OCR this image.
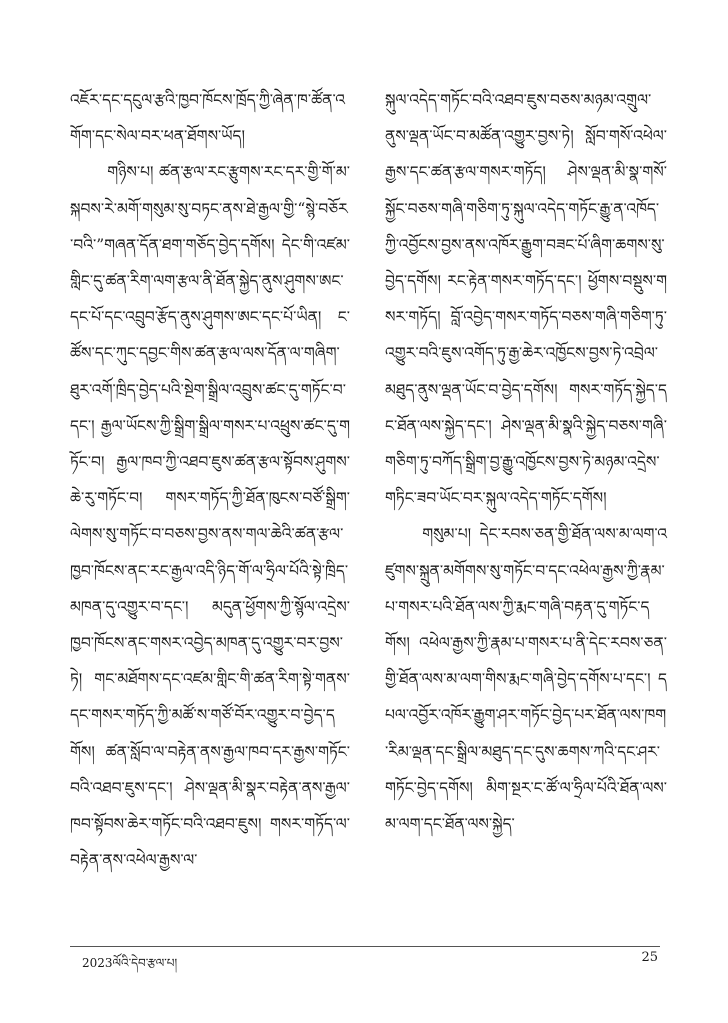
འཇོར་དང་དངུལ་རྩའི་ཁྱབ་ཁོངས་ཁྲོད་ཀྱི་ཞེན་ཁ་ཚོན་འགོག་དང་སེལ་བར་ཕན་ཐོགས་ཡོད།

གཉིས་པ། ཚན་རྩལ་རང་རྩུགས་རང་དར་གྱི་གོ་མ་སྐབས་རེ་མགོ་གསུམ་སུ་བཏང་ནས་ཐེ་རྒྱལ་གྱི་“སྙེ་བཅོར་བའི་”གཞན་དོན་ཐག་གཅོད་བྱེད་དགོས། དེང་གི་འཛམ་གླིང་དུ་ཚན་རིག་ལག་རྩལ་ནི་ཐོན་སྐྱེད་ནུས་ཤུགས་ཨང་དང་པོ་དང་འབྲུབ་རྩོད་ནུས་ཤུགས་ཨང་དང་པོ་ཡིན། ང་ཚོས་དང་ཀུང་དབྱང་གིས་ཚན་རྩལ་ལས་དོན་ལ་གཞིག་ཐུར་འགོ་ཁྲིད་བྱེད་པའི་སྔེག་སྒྲིལ་འབྲུས་ཚང་དུ་གཏོང་བ་དང་། རྒྱལ་ཡོངས་ཀྱི་སྒྲིག་སྒྲིལ་གསར་པ་འཕྲུས་ཚང་དུ་གཏོང་བ། རྒྱལ་ཁབ་ཀྱི་འཐབ་ཇུས་ཚན་རྩལ་སྟོབས་ཤུགས་ཆེ་རུ་གཏོང་བ། གསར་གཏོད་ཀྱི་ཐོན་ཁུངས་བཙོ་སྒྲིག་ལེགས་སུ་གཏོང་བ་བཅས་བྱས་ནས་གལ་ཆེའི་ཚན་རྩལ་ཁྱབ་ཁོངས་ནང་རང་རྒྱལ་འདི་ཉིད་གོ་ལ་ཧྲིལ་པོའི་སྟེ་ཁྲིད་མཁན་དུ་འགྱུར་བ་དང་། མདུན་ཕྱོགས་ཀྱི་སྙོལ་འདྲེས་ཁྱབ་ཁོངས་ནང་གསར་འབྱེད་མཁན་དུ་འགྱུར་བར་བྱས་ཏེ། གང་མཐོགས་དང་འཛམ་གླིང་གི་ཚན་རིག་སྟེ་གནས་དང་གསར་གཏོད་ཀྱི་མཚོ་ས་གཙོ་བོར་འགྱུར་བ་བྱེད་དགོས། ཚན་སློབ་ལ་བརྟེན་ནས་རྒྱལ་ཁབ་དར་རྒྱས་གཏོང་བའི་འཐབ་ཇུས་དང་། ཤེས་ལྡན་མི་སྣར་བརྟེན་ནས་རྒྱལ་ཁབ་སྟོབས་ཆེར་གཏོང་བའི་འཐབ་ཇུས། གསར་གཏོད་ལ་བརྟེན་ནས་འཕེལ་རྒྱས་ལ་

སྐུལ་འདེད་གཏོང་བའི་འཐབ་ཇུས་བཅས་མཉམ་འགྲུལ་ནུས་ལྡན་ཡོང་བ་མཚོན་འགྱུར་བྱས་ཏེ། སློབ་གསོ་འཕེལ་རྒྱས་དང་ཚན་རྩལ་གསར་གཏོད། ཤེས་ལྡན་མི་སྣ་གསོ་སྐྱོང་བཅས་གཞི་གཅིག་ཏུ་སྐུལ་འདེད་གཏོང་རྒྱུ་ན་འཁོད་ཀྱི་འབྱོངས་བྱས་ནས་འཁོར་རྒྱུག་བཟང་པོ་ཞིག་ཆགས་སུ་བྱེད་དགོས། རང་རྟེན་གསར་གཏོད་དང་། ཕྱོགས་བསྡུས་གསར་གཏོད། བློ་འབྱེད་གསར་གཏོད་བཅས་གཞི་གཅིག་ཏུ་འགྱུར་བའི་ཇུས་འགོད་ཏུ་རྒྱ་ཆེར་འཁྱོངས་བྱས་ཏེ་འབྲེལ་མཐུད་ནུས་ལྡན་ཡོང་བ་བྱེད་དགོས། གསར་གཏོད་སྐྱེད་དང་ཐོན་ལས་སྐྱེད་དང་། ཤེས་ལྡན་མི་སྣའི་སྐྱེད་བཅས་གཞི་གཅིག་ཏུ་བཀོད་སྒྲིག་བྱ་རྒྱུ་འཁྱོངས་བྱས་ཏེ་མཉམ་འདྲེས་གཏིང་ཟབ་ཡོང་བར་སྐུལ་འདེད་གཏོང་དགོས།

གསུམ་པ། དེང་རབས་ཅན་གྱི་ཐོན་ལས་མ་ལག་འཛུགས་སྐྲུན་མགོགས་སུ་གཏོང་བ་དང་འཕེལ་རྒྱས་ཀྱི་རྣམ་པ་གསར་པའི་ཐོན་ལས་ཀྱི་རྨང་གཞི་བརྟན་དུ་གཏོང་དགོས། འཕེལ་རྒྱས་ཀྱི་རྣམ་པ་གསར་པ་ནི་དེང་རབས་ཅན་གྱི་ཐོན་ལས་མ་ལག་གིས་རྨང་གཞི་བྱེད་དགོས་པ་དང་། དཔལ་འབྱོར་འཁོར་རྒྱུག་ཤར་གཏོང་བྱེད་པར་ཐོན་ལས་ཁག་རིམ་ལྡན་དང་སྒྲིལ་མཐུད་དང་དུས་ཆགས་ཀའི་དང་ཤར་གཏོང་བྱེད་དགོས། མིག་སྔར་ང་ཚོ་ལ་ཧྲིལ་པོའི་ཐོན་ལས་མ་ལག་དང་ཐོན་ལས་སྐྱེད་

2023ལོའི་དེབ་རྩལ་པ།	25
